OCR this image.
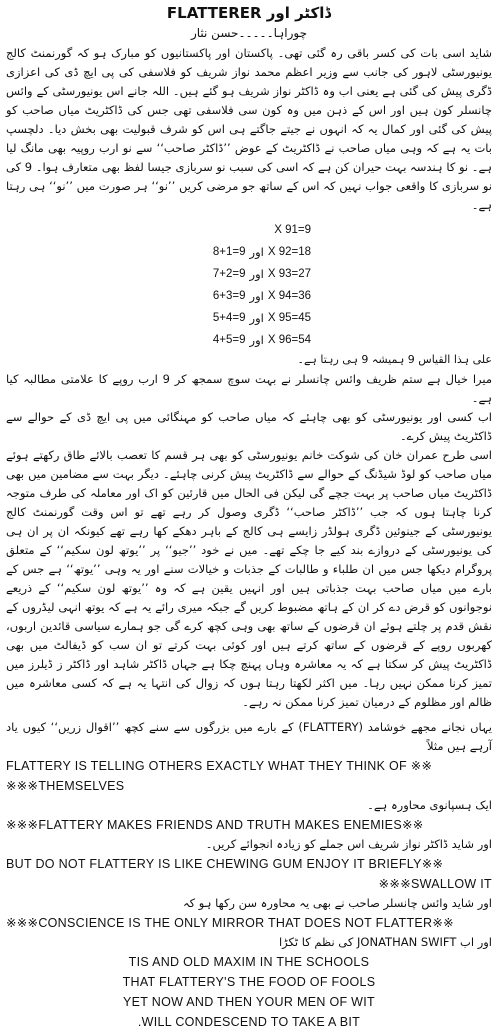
ڈاکٹر اور FLATTERER
چوراہا۔۔۔۔۔حسن نثار

شاید اسی بات کی کسر باقی رہ گئی تھی۔ پاکستان اور پاکستانیوں کو مبارک ہو کہ گورنمنٹ کالج یونیورسٹی لاہور کی جانب سے وزیر اعظم محمد نواز شریف کو فلاسفی کی پی ایچ ڈی کی اعزازی ڈگری پیش کی گئی ہے یعنی اب وہ ڈاکٹر نواز شریف ہو گئے ہیں۔ اللہ جانے اس یونیورسٹی کے وائس چانسلر کون ہیں اور اس کے ذہن میں وہ کون سی فلاسفی تھی جس کی ڈاکٹریٹ میاں صاحب کو پیش کی گئی اور کمال یہ کہ انہوں نے جیتے جاگتے ہی اس کو شرف قبولیت بھی بخش دیا۔ دلچسپ بات یہ ہے کہ وہی میاں صاحب نے ڈاکٹریٹ کے عوض ’’ڈاکٹر صاحب‘‘ سے نو ارب روپیہ بھی مانگ لیا ہے۔ نو کا ہندسہ بہت حیران کن ہے کہ اسی کی سبب نو سربازی جیسا لفظ بھی متعارف ہوا۔ 9 کی نو سربازی کا واقعی جواب نہیں کہ اس کے ساتھ جو مرضی کریں ’’نو‘‘ ہر صورت میں ’’نو‘‘ ہی رہتا ہے۔

X 91=9
X 92=18
اور
8+1=9
X 93=27
اور
7+2=9
X 94=36
اور
6+3=9
X 95=45
اور
5+4=9
X 96=54
اور
4+5=9
علی ہذا القیاس 9 ہمیشہ 9 ہی رہتا ہے۔

میرا خیال ہے ستم ظریف وائس چانسلر نے بہت سوچ سمجھ کر 9 ارب روپے کا علامتی مطالبہ کیا ہے۔

اب کسی اور یونیورسٹی کو بھی چاہئے کہ میاں صاحب کو مہنگائی میں پی ایچ ڈی کے حوالے سے ڈاکٹریٹ پیش کرے۔

اسی طرح عمران خان کی شوکت خانم یونیورسٹی کو بھی ہر قسم کا تعصب بالائے طاق رکھتے ہوئے میاں صاحب کو لوڈ شیڈنگ کے حوالے سے ڈاکٹریٹ پیش کرنی چاہئے۔ دیگر بہت سے مضامین میں بھی ڈاکٹریٹ میاں صاحب پر بہت جچے گی لیکن فی الحال میں قارئین کو اک اور معاملہ کی طرف متوجہ کرنا چاہتا ہوں کہ جب ’’ڈاکٹر صاحب‘‘ ڈگری وصول کر رہے تھے تو اس وقت گورنمنٹ کالج یونیورسٹی کے جینوئین ڈگری ہولڈر زایسے ہی کالج کے باہر دھکے کھا رہے تھے کیونکہ ان پر ان ہی کی یونیورسٹی کے دروازے بند کیے جا چکے تھے۔ میں نے خود ’’جیو‘‘ پر ’’یوتھ لون سکیم‘‘ کے متعلق پروگرام دیکھا جس میں ان طلباء و طالبات کے جذبات و خیالات سنے اور یہ وہی ’’یوتھ‘‘ ہے جس کے بارے میں میاں صاحب بہت جذباتی ہیں اور انہیں یقین ہے کہ وہ ’’یوتھ لون سکیم‘‘ کے ذریعے نوجوانوں کو قرض دے کر ان کے ہاتھ مضبوط کریں گے جبکہ میری رائے یہ ہے کہ یوتھ انہی لیڈروں کے نقش قدم پر چلتے ہوئے ان قرضوں کے ساتھ بھی وہی کچھ کرے گی جو ہمارے سیاسی قائدین اربوں، کھربوں روپے کے قرضوں کے ساتھ کرتے ہیں اور کوئی بہت کرتے تو ان سب کو ڈیفالٹ میں بھی ڈاکٹریٹ پیش کر سکتا ہے کہ یہ معاشرہ وہاں پہنچ چکا ہے جہاں ڈاکٹر شاہد اور ڈاکٹر ز ڈیلرز میں تمیز کرنا ممکن نہیں رہا۔ میں اکثر لکھتا رہتا ہوں کہ زوال کی انتہا یہ ہے کہ کسی معاشرہ میں ظالم اور مظلوم کے درمیان تمیز کرنا ممکن نہ رہے۔

یہاں نجانے مجھے خوشامد (FLATTERY) کے بارے میں بزرگوں سے سنے کچھ ’’اقوال زریں‘‘ کیوں یاد آرہے ہیں مثلاً

FLATTERY IS TELLING OTHERS EXACTLY WHAT THEY THINK OF ※※

※※※THEMSELVES

ایک ہسپانوی محاورہ ہے۔

※※※FLATTERY MAKES FRIENDS AND TRUTH MAKES ENEMIES※※

اور شاید ڈاکٹر نواز شریف اس جملے کو زیادہ انجوائے کریں۔

BUT DO NOT FLATTERY IS LIKE CHEWING GUM ENJOY IT BRIEFLY※※

※※※SWALLOW IT

اور شاید وائس چانسلر صاحب نے بھی یہ محاورہ سن رکھا ہو کہ

※※※CONSCIENCE IS THE ONLY MIRROR THAT DOES NOT FLATTER※※

اور اب JONATHAN SWIFT کی نظم کا ٹکڑا

TIS AND OLD MAXIM IN THE SCHOOLS

THAT FLATTERY'S THE FOOD OF FOOLS

YET NOW AND THEN YOUR MEN OF WIT

.WILL CONDESCEND TO TAKE A BIT
